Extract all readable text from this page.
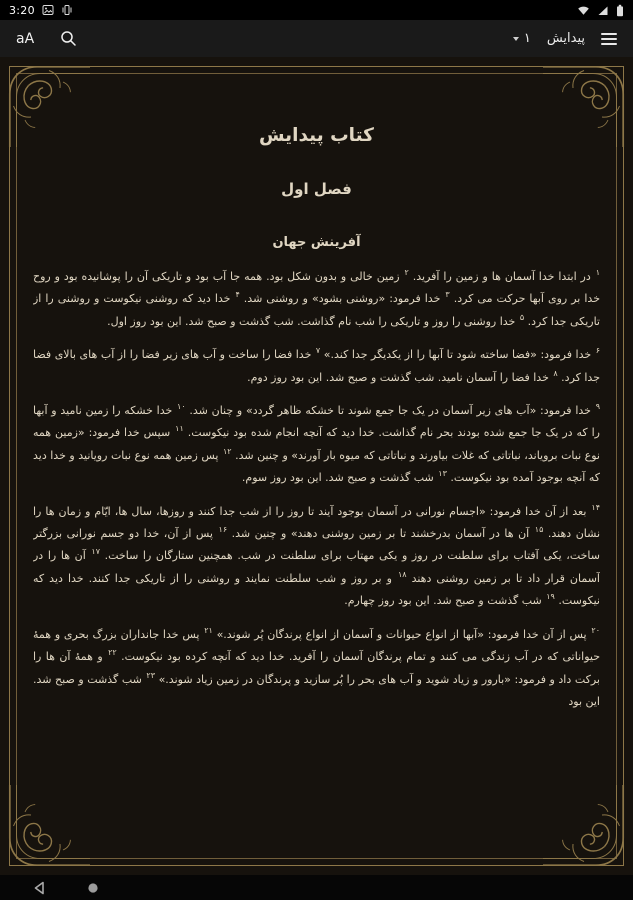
3:20
aA	۱ پیدایش
کتاب پیدایش
فصل اول
آفرینش جهان

$^۱$ در ابتدا خدا آسمان ها و زمین را آفرید. $^۲$ زمین خالی و بدون شکل بود. همه جا آب بود و تاریکی آن را پوشانیده بود و روح خدا بر روی آبها حرکت می کرد. $^۳$ خدا فرمود: «روشنی بشود» و روشنی شد. $^۴$ خدا دید که روشنی نیکوست و روشنی را از تاریکی جدا کرد. $^۵$ خدا روشنی را روز و تاریکی را شب نام گذاشت. شب گذشت و صبح شد. این بود روز اول.

$^۶$ خدا فرمود: «فضا ساخته شود تا آبها را از یکدیگر جدا کند.» $^۷$ خدا فضا را ساخت و آب های زیر فضا را از آب های بالای فضا جدا کرد. $^۸$ خدا فضا را آسمان نامید. شب گذشت و صبح شد. این بود روز دوم.

$^۹$ خدا فرمود: «آب های زیر آسمان در یک جا جمع شوند تا خشکه ظاهر گردد» و چنان شد. $^{۱۰}$ خدا خشکه را زمین نامید و آبها را که در یک جا جمع شده بودند بحر نام گذاشت. خدا دید که آنچه انجام شده بود نیکوست. $^{۱۱}$ سپس خدا فرمود: «زمین همه نوع نبات برویاند، نباتاتی که غلات بیاورند و نباتاتی که میوه بار آورند» و چنین شد. $^{۱۲}$ پس زمین همه نوع نبات رویانید و خدا دید که آنچه بوجود آمده بود نیکوست. $^{۱۳}$ شب گذشت و صبح شد. این بود روز سوم.

$^{۱۴}$ بعد از آن خدا فرمود: «اجسام نورانی در آسمان بوجود آیند تا روز را از شب جدا کنند و روزها، سال ها، ایّام و زمان ها را نشان دهند. $^{۱۵}$ آن ها در آسمان بدرخشند تا بر زمین روشنی دهند» و چنین شد. $^{۱۶}$ پس از آن، خدا دو جسم نورانی بزرگتر ساخت، یکی آفتاب برای سلطنت در روز و یکی مهتاب برای سلطنت در شب. همچنین ستارگان را ساخت. $^{۱۷}$ آن ها را در آسمان قرار داد تا بر زمین روشنی دهند $^{۱۸}$ و بر روز و شب سلطنت نمایند و روشنی را از تاریکی جدا کنند. خدا دید که نیکوست. $^{۱۹}$ شب گذشت و صبح شد. این بود روز چهارم.

$^{۲۰}$ پس از آن خدا فرمود: «آبها از انواع حیوانات و آسمان از انواع پرندگان پُر شوند.» $^{۲۱}$ پس خدا جانداران بزرگ بحری و همهٔ حیواناتی که در آب زندگی می کنند و تمام پرندگان آسمان را آفرید. خدا دید که آنچه کرده بود نیکوست. $^{۲۲}$ و همهٔ آن ها را برکت داد و فرمود: «بارور و زیاد شوید و آب های بحر را پُر سازید و پرندگان در زمین زیاد شوند.» $^{۲۳}$ شب گذشت و صبح شد. این بود
